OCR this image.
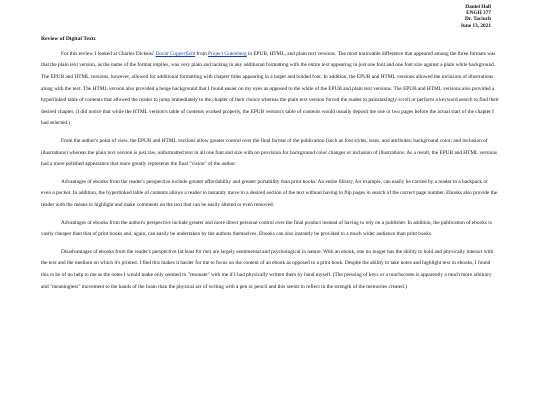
Daniel Hall
ENGH 377
Dr. Taciuch
June 13, 2021
Review of Digital Textc

For this review I looked at Charles Dickens' David Copperfield from Project Gutenberg in EPUB, HTML, and plain text versions. The most noticeable difference that appeared among the three formats was that the plain text version, as the name of the format implies, was very plain and lacking in any additional formatting with the entire text appearing in just one font and one font size against a plain white background. The EPUB and HTML versions, however, allowed for additional formatting with chapter titles appearing in a larger and bolded font. In addition, the EPUB and HTML versions allowed the inclusion of illustrations along with the text. The HTML version also provided a beige background that I found easier on my eyes as opposed to the white of the EPUB and plain text versions. The EPUB and HTML versions also provided a hyperlinked table of contents that allowed the reader to jump immediately to the chapter of their choice whereas the plain text version forced the reader to painstakingly scroll or perform a keyword search to find their desired chapter. (I did notice that while the HTML version's table of contents worked properly, the EPUB version's table of contents would usually deposit me one or two pages before the actual start of the chapter I had selected.)

From the author's point of view, the EPUB and HTML versions allow greater control over the final format of the publication (such as font styles, sizes, and attributes; background color; and inclusion of illustrations) whereas the plain text version is just raw, unformatted text in all one font and size with no provision for background color changes or inclusion of illustrations. As a result, the EPUB and HTML versions had a more polished appearance that more greatly represents the final "vision" of the author.

Advantages of ebooks from the reader's perspective include greater affordability and greater portability than print books. An entire library, for example, can easily be carried by a reader in a backpack or even a pocket. In addition, the hyperlinked table of contents allows a reader to instantly move to a desired section of the text without having to flip pages in search of the correct page number. Ebooks also provide the reader with the means to highlight and make comments on the text that can be easily altered or even removed.

Advantages of ebooks from the author's perspective include greater and more direct personal control over the final product instead of having to rely on a publisher. In addition, the publication of ebooks is vastly cheaper than that of print books and, again, can easily be undertaken by the authors themselves. Ebooks can also instantly be provided to a much wider audience than print books.

Disadvantages of ebooks from the reader's perspective (at least for me) are largely sentimental and psychological in nature. With an ebook, one no longer has the ability to hold and physically interact with the text and the medium on which it's printed. I find this makes it harder for me to focus on the content of an ebook as opposed to a print book. Despite the ability to take notes and highlight text in ebooks, I found this to be of no help to me as the notes I would make only seemed to "resonate" with me if I had physically written them by hand myself. (The pressing of keys or a touchscreen is apparently a much more arbitrary and "meaningless" movement to the hands of the brain than the physical act of writing with a pen or pencil and this seems to reflect in the strength of the memories created.)
